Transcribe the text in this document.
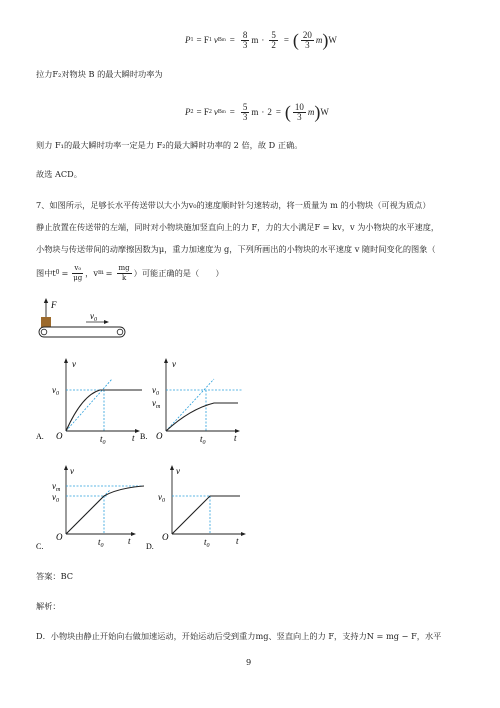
P 1 = F 1 v $Bm = \frac{8}{3}$ $m \cdot \frac{5}{2}$ = ( $\frac{20}{3}$ m ) W
拉力F₂对物块 B 的最大瞬时功率为
P 2 = F 2 v $Bm = \frac{5}{3}$ m · 2 = ( $\frac{10}{3}$ m ) W
则力 F₁的最大瞬时功率一定是力 F₂的最大瞬时功率的 2 倍，故 D 正确。
故选 ACD。
7、如图所示，足够长水平传送带以大小为v₀的速度顺时针匀速转动，将一质量为 m 的小物块（可视为质点）
静止放置在传送带的左端，同时对小物块施加竖直向上的力 F，力的大小满足F = kv，v 为小物块的水平速度，
小物块与传送带间的动摩擦因数为μ，重力加速度为 g，下列所画出的小物块的水平速度 v 随时间变化的图象（
图中t $0 = \frac{\text{v₀}}{\mu g}$ ，v $m = \frac{mg}{k}$ ）可能正确的是（　　）
F
$v_0$
v
t
O
$v_0$
$t_0$
A.
v
t
O
$v_0$
$v_m$
$t_0$
B.
v
t
O
$v_m$
$v_0$
$t_0$
C.
v
t
O
$v_0$
$t_0$
D.
答案：BC
解析：
D．小物块由静止开始向右做加速运动，开始运动后受到重力mg、竖直向上的力 F，支持力N = mg − F，水平
9
